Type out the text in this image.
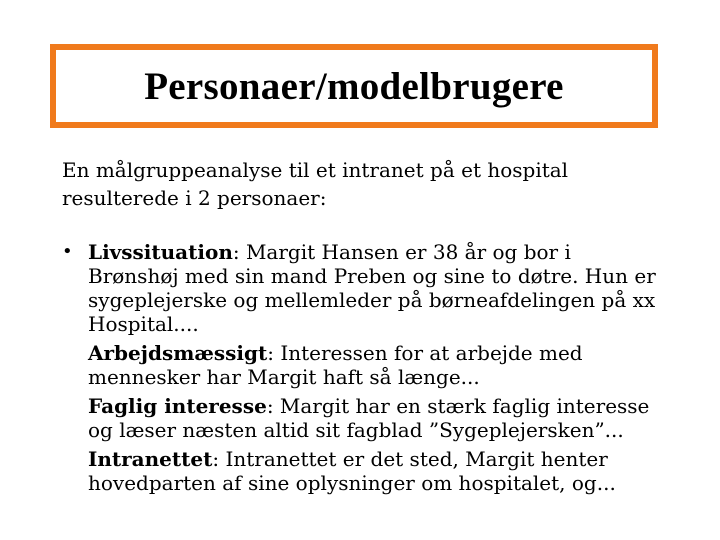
Personaer/modelbrugere

En målgruppeanalyse til et intranet på et hospital resulterede i 2 personaer:

• Livssituation: Margit Hansen er 38 år og bor i Brønshøj med sin mand Preben og sine to døtre. Hun er sygeplejerske og mellemleder på børneafdelingen på xx Hospital....

Arbejdsmæssigt: Interessen for at arbejde med mennesker har Margit haft så længe...

Faglig interesse: Margit har en stærk faglig interesse og læser næsten altid sit fagblad ”Sygeplejersken”...

Intranettet: Intranettet er det sted, Margit henter hovedparten af sine oplysninger om hospitalet, og...
